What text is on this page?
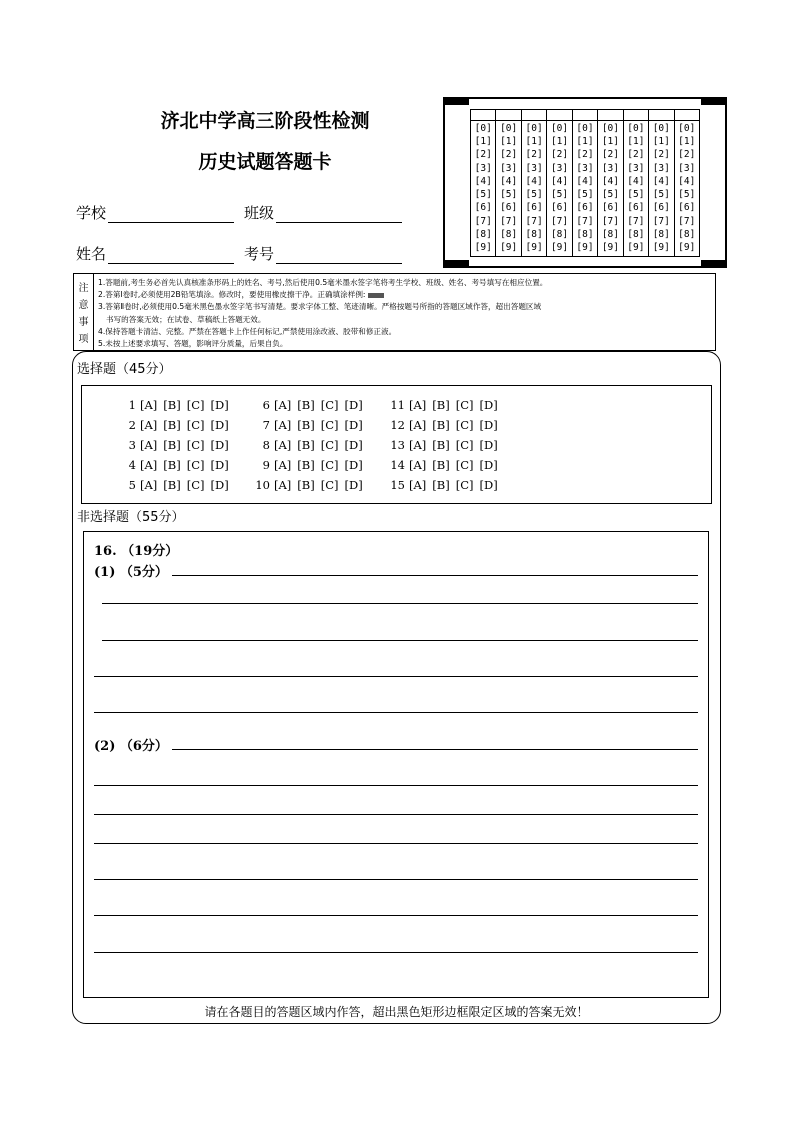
济北中学高三阶段性检测
历史试题答题卡
学校	班级
姓名	考号
[0]
[1]
[2]
[3]
[4]
[5]
[6]
[7]
[8]
[9]
[0]
[1]
[2]
[3]
[4]
[5]
[6]
[7]
[8]
[9]
[0]
[1]
[2]
[3]
[4]
[5]
[6]
[7]
[8]
[9]
[0]
[1]
[2]
[3]
[4]
[5]
[6]
[7]
[8]
[9]
[0]
[1]
[2]
[3]
[4]
[5]
[6]
[7]
[8]
[9]
[0]
[1]
[2]
[3]
[4]
[5]
[6]
[7]
[8]
[9]
[0]
[1]
[2]
[3]
[4]
[5]
[6]
[7]
[8]
[9]
[0]
[1]
[2]
[3]
[4]
[5]
[6]
[7]
[8]
[9]
[0]
[1]
[2]
[3]
[4]
[5]
[6]
[7]
[8]
[9]
注
意
事
项
1.答题前,考生务必首先认真核准条形码上的姓名、考号,然后使用0.5毫米墨水签字笔将考生学校、班级、姓名、考号填写在相应位置。
2.答第Ⅰ卷时,必须使用2B铅笔填涂。修改时，要使用橡皮擦干净。正确填涂样例:
3.答第Ⅱ卷时,必须使用0.5毫米黑色墨水签字笔书写清楚。要求字体工整、笔迹清晰。严格按题号所指的答题区域作答，超出答题区域
书写的答案无效；在试卷、草稿纸上答题无效。
4.保持答题卡清洁、完整。严禁在答题卡上作任何标记,严禁使用涂改液、胶带和修正液。
5.未按上述要求填写、答题，影响评分质量，后果自负。
选择题（45分）
1 [A] [B] [C] [D]
2 [A] [B] [C] [D]
3 [A] [B] [C] [D]
4 [A] [B] [C] [D]
5 [A] [B] [C] [D]
6 [A] [B] [C] [D]
7 [A] [B] [C] [D]
8 [A] [B] [C] [D]
9 [A] [B] [C] [D]
10 [A] [B] [C] [D]
11 [A] [B] [C] [D]
12 [A] [B] [C] [D]
13 [A] [B] [C] [D]
14 [A] [B] [C] [D]
15 [A] [B] [C] [D]
非选择题（55分）
16. （19分）
(1) （5分）
(2) （6分）
请在各题目的答题区域内作答，超出黑色矩形边框限定区域的答案无效！
